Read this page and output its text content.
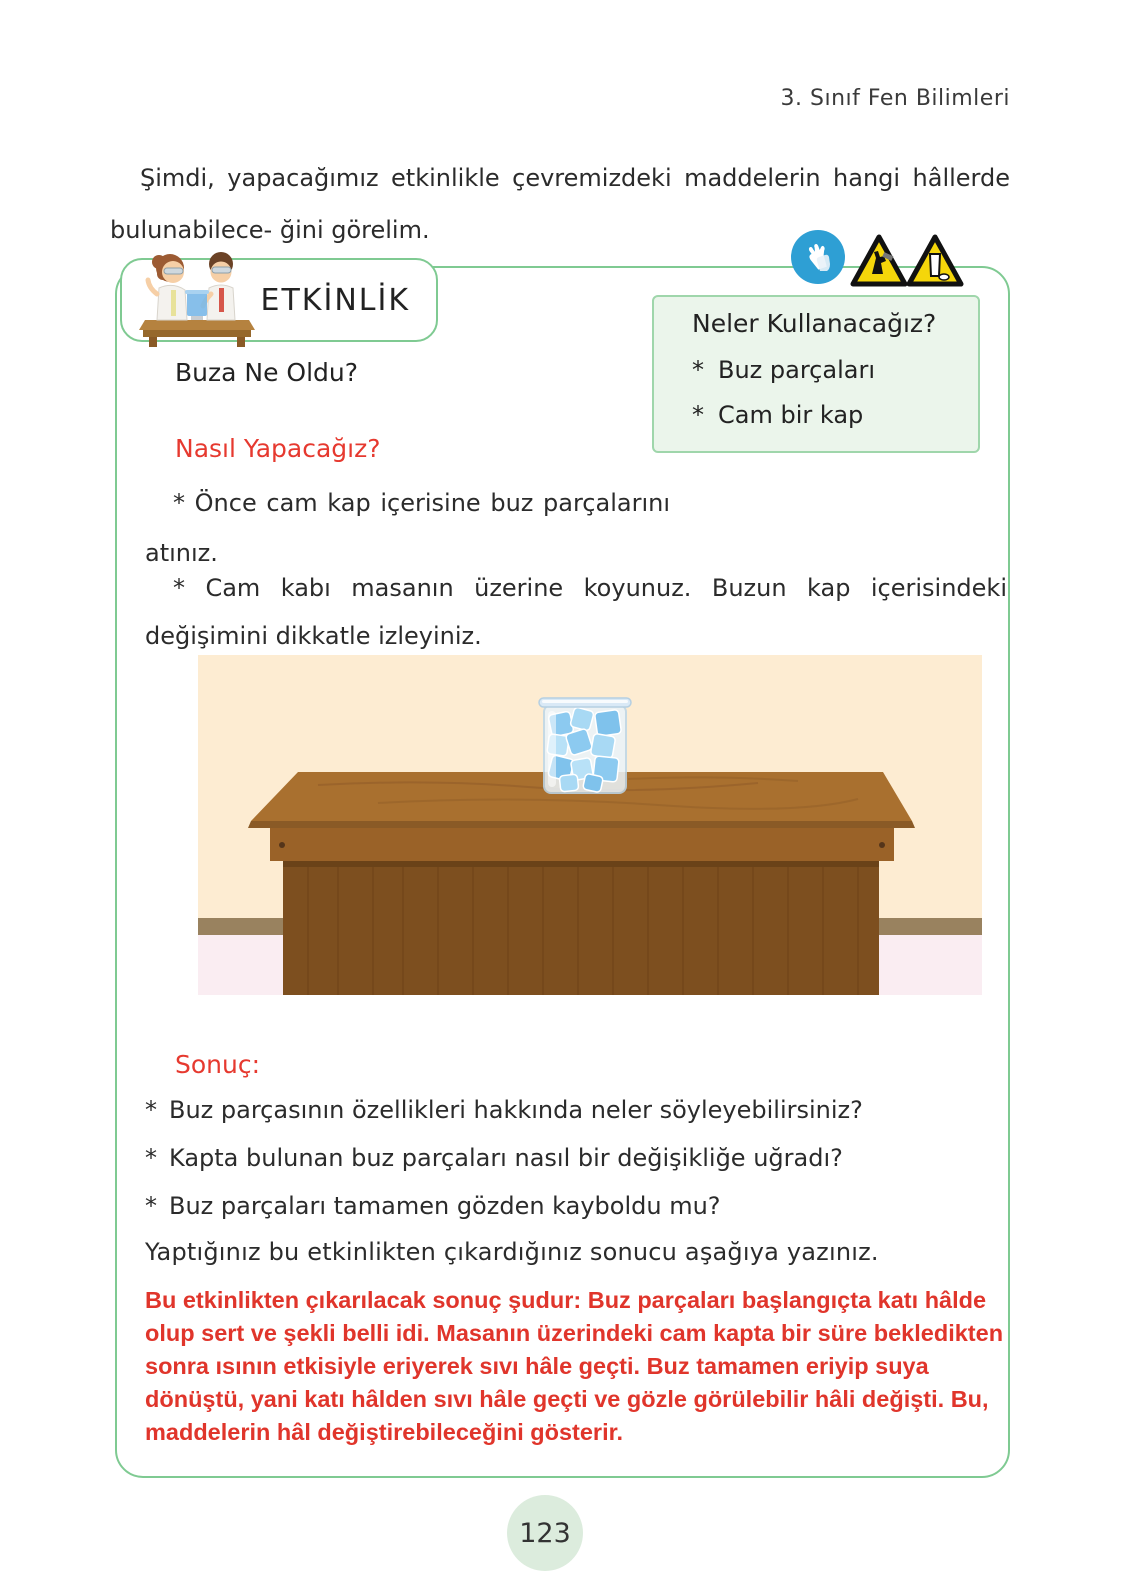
3. Sınıf Fen Bilimleri
Şimdi, yapacağımız etkinlikle çevremizdeki maddelerin hangi hâllerde bulunabilece- ğini görelim.
ETKİNLİK
Neler Kullanacağız?
* Buz parçaları
* Cam bir kap
Buza Ne Oldu?
Nasıl Yapacağız?
* Önce cam kap içerisine buz parçalarını atınız.
* Cam kabı masanın üzerine koyunuz. Buzun kap içerisindeki değişimini dikkatle izleyiniz.
Sonuç:
* Buz parçasının özellikleri hakkında neler söyleyebilirsiniz?
* Kapta bulunan buz parçaları nasıl bir değişikliğe uğradı?
* Buz parçaları tamamen gözden kayboldu mu?
Yaptığınız bu etkinlikten çıkardığınız sonucu aşağıya yazınız.
Bu etkinlikten çıkarılacak sonuç şudur: Buz parçaları başlangıçta katı hâlde olup sert ve şekli belli idi. Masanın üzerindeki cam kapta bir süre bekledikten sonra ısının etkisiyle eriyerek sıvı hâle geçti. Buz tamamen eriyip suya dönüştü, yani katı hâlden sıvı hâle geçti ve gözle görülebilir hâli değişti. Bu, maddelerin hâl değiştirebileceğini gösterir.
123
